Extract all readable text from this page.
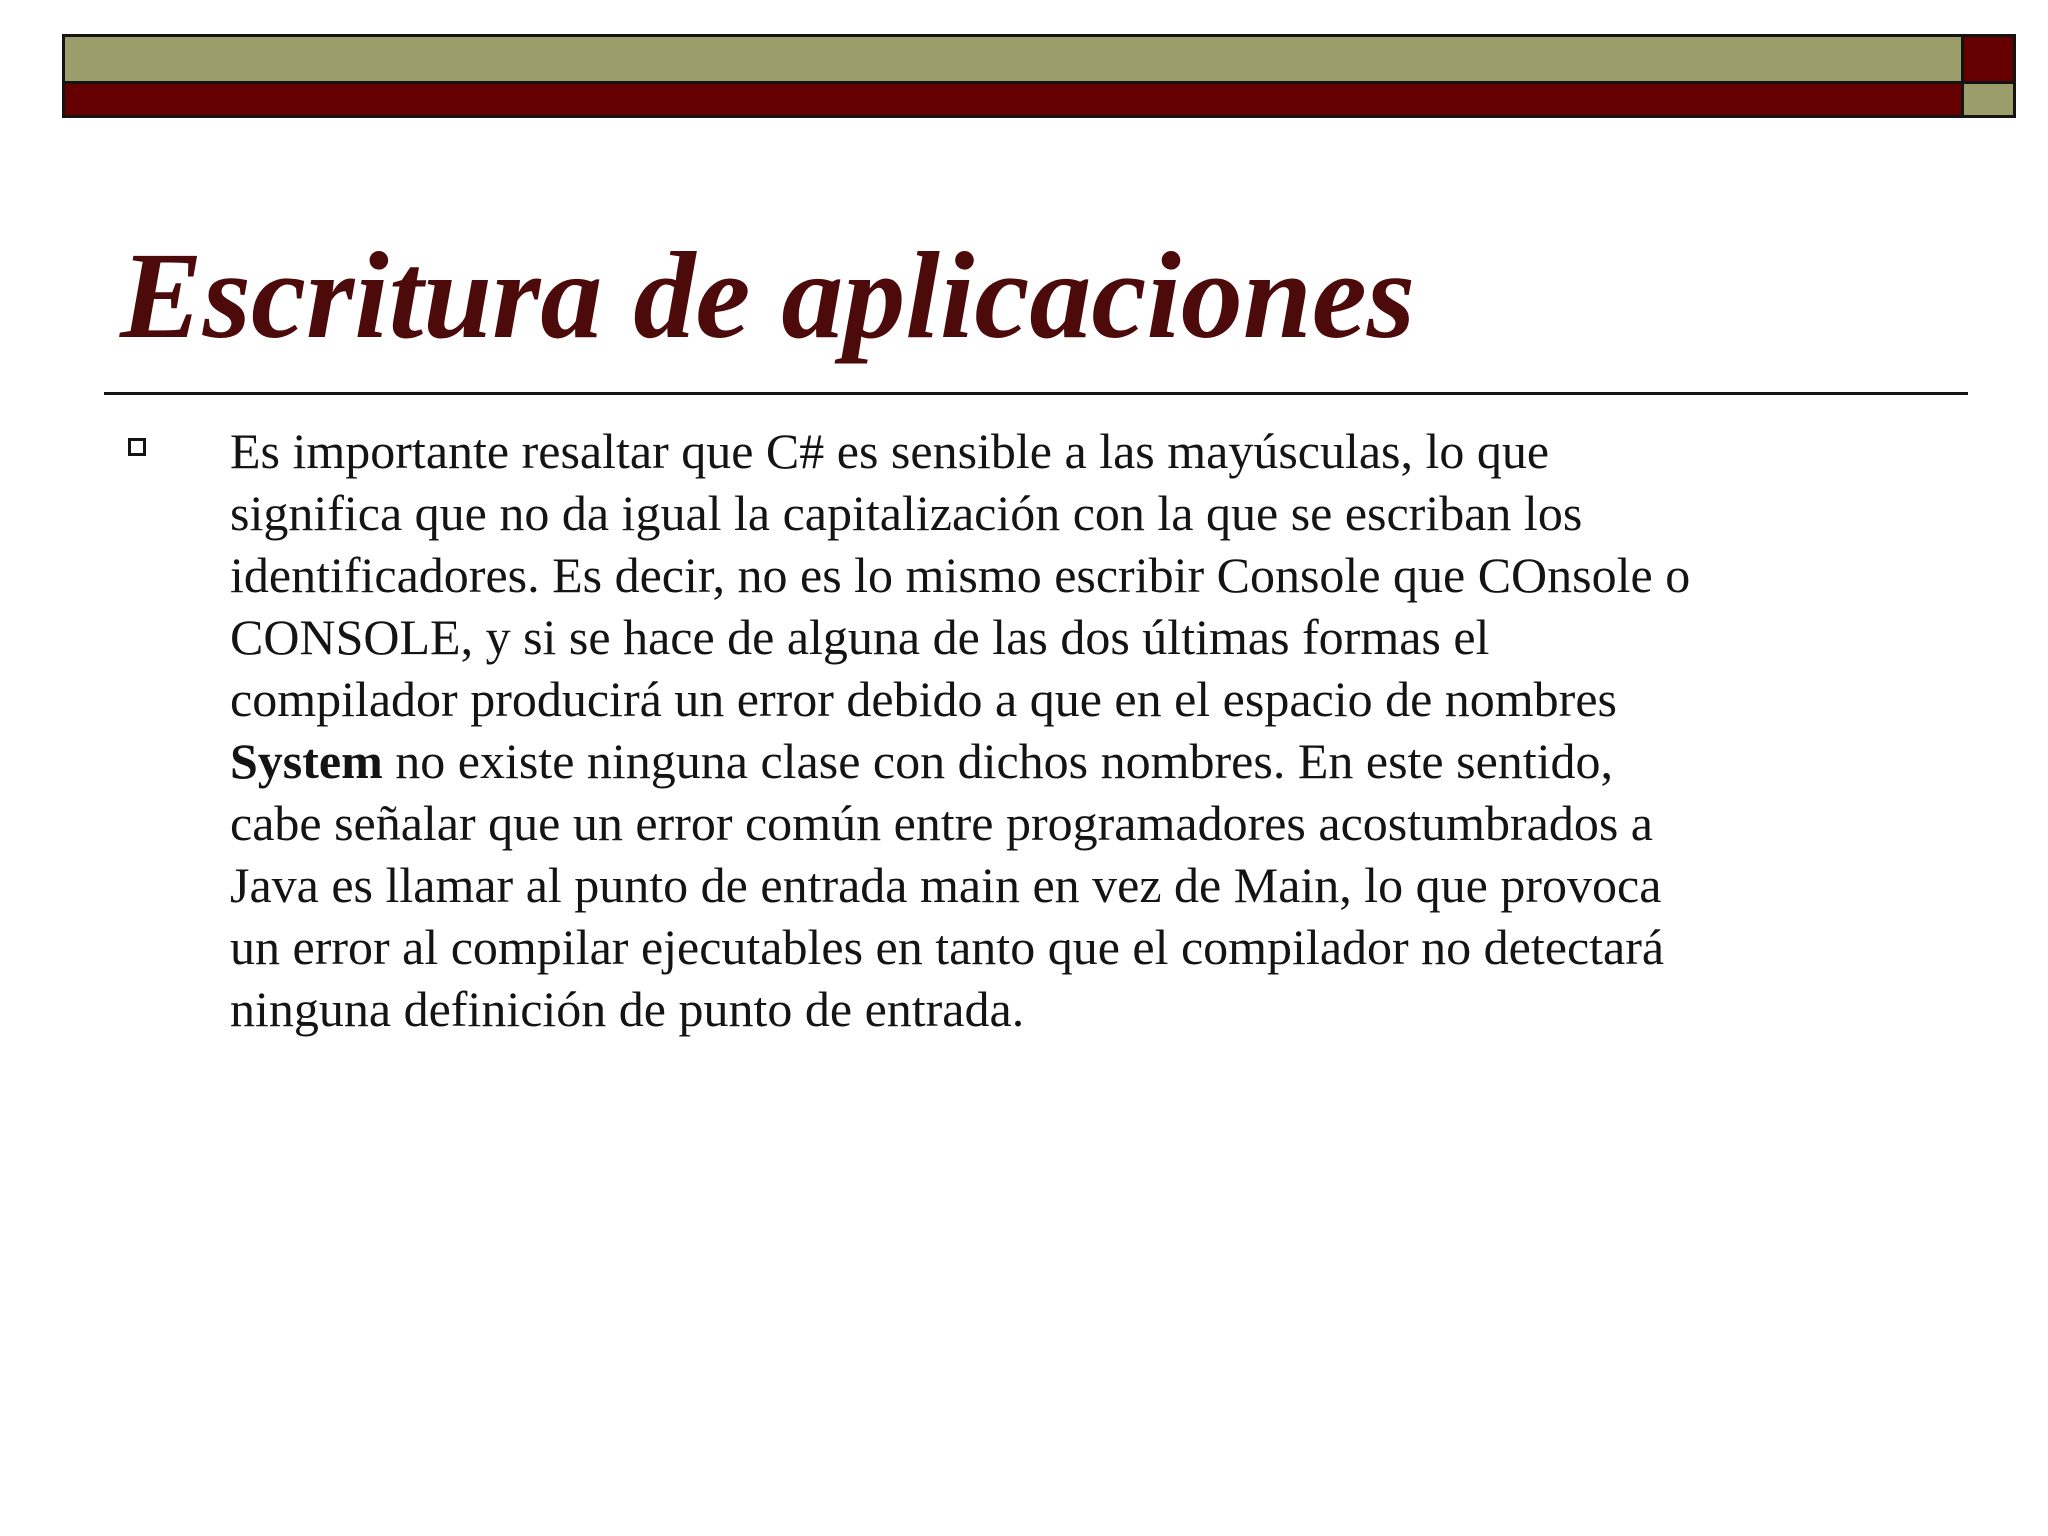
Escritura de aplicaciones

Es importante resaltar que C# es sensible a las mayúsculas, lo que
significa que no da igual la capitalización con la que se escriban los
identificadores. Es decir, no es lo mismo escribir Console que COnsole o
CONSOLE, y si se hace de alguna de las dos últimas formas el
compilador producirá un error debido a que en el espacio de nombres
System no existe ninguna clase con dichos nombres. En este sentido,
cabe señalar que un error común entre programadores acostumbrados a
Java es llamar al punto de entrada main en vez de Main, lo que provoca
un error al compilar ejecutables en tanto que el compilador no detectará
ninguna definición de punto de entrada.
